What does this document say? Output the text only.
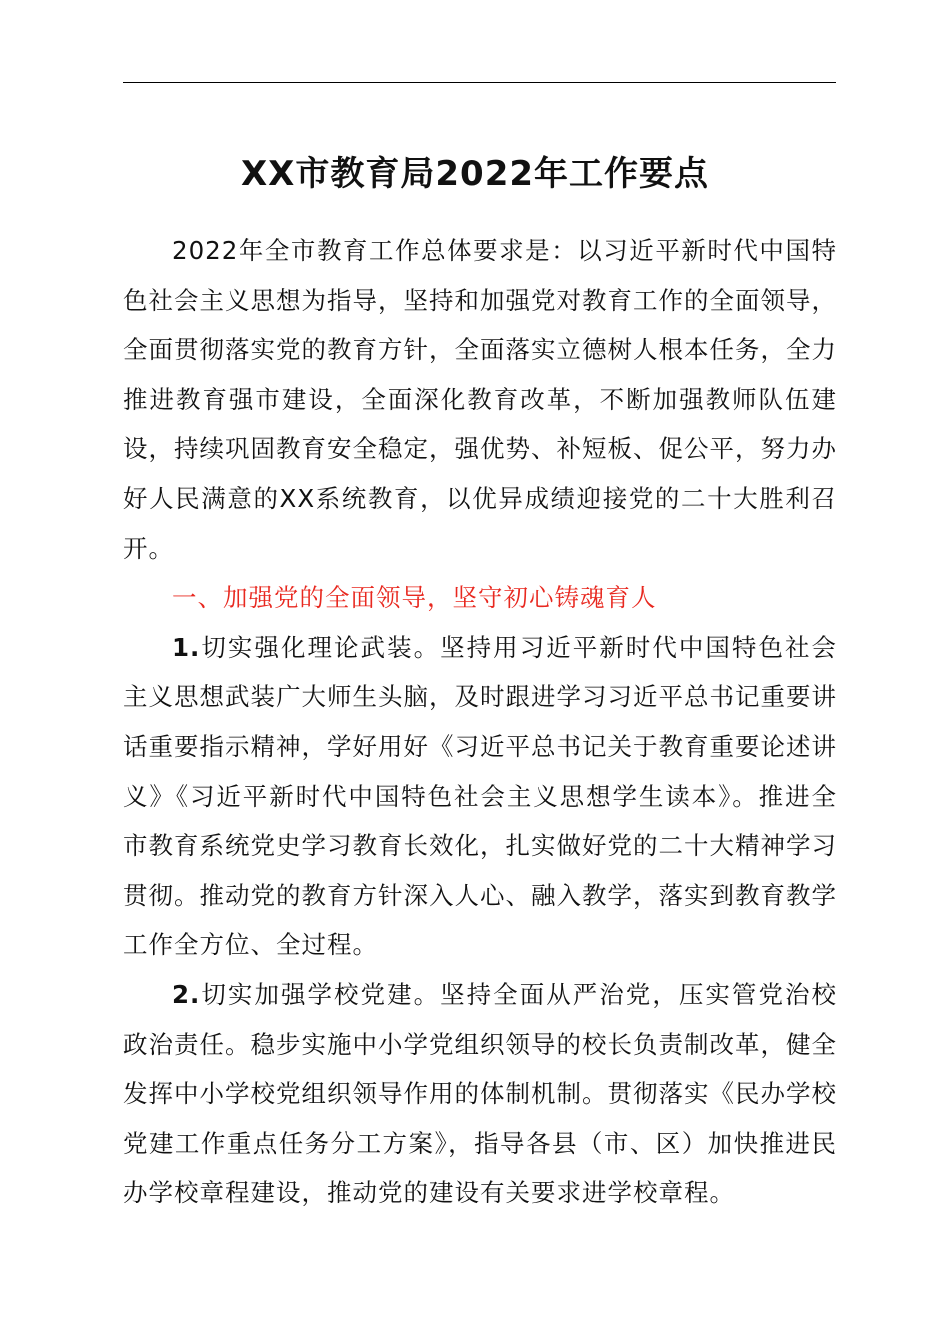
XX市教育局2022年工作要点

2022年全市教育工作总体要求是：以习近平新时代中国特色社会主义思想为指导，坚持和加强党对教育工作的全面领导，全面贯彻落实党的教育方针，全面落实立德树人根本任务，全力推进教育强市建设，全面深化教育改革，不断加强教师队伍建设，持续巩固教育安全稳定，强优势、补短板、促公平，努力办好人民满意的XX系统教育，以优异成绩迎接党的二十大胜利召开。

一、加强党的全面领导，坚守初心铸魂育人

1.切实强化理论武装。坚持用习近平新时代中国特色社会主义思想武装广大师生头脑，及时跟进学习习近平总书记重要讲话重要指示精神，学好用好《习近平总书记关于教育重要论述讲义》《习近平新时代中国特色社会主义思想学生读本》。推进全市教育系统党史学习教育长效化，扎实做好党的二十大精神学习贯彻。推动党的教育方针深入人心、融入教学，落实到教育教学工作全方位、全过程。

2.切实加强学校党建。坚持全面从严治党，压实管党治校政治责任。稳步实施中小学党组织领导的校长负责制改革，健全发挥中小学校党组织领导作用的体制机制。贯彻落实《民办学校党建工作重点任务分工方案》，指导各县（市、区）加快推进民办学校章程建设，推动党的建设有关要求进学校章程。
